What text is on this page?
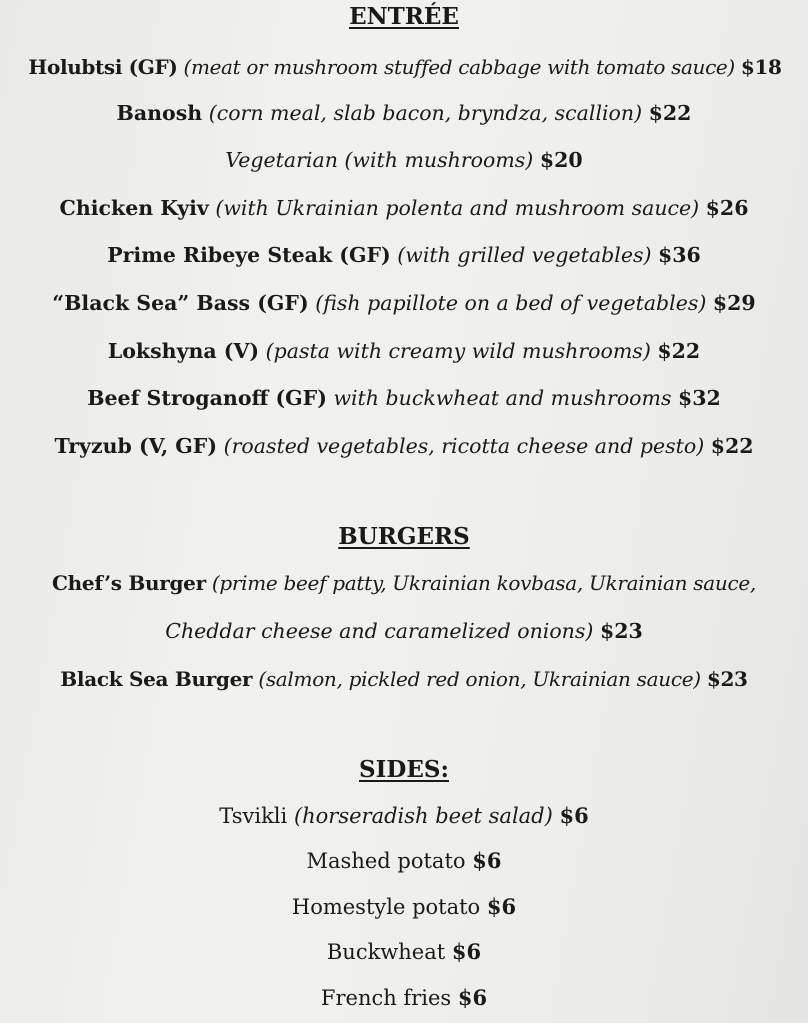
ENTRÉE
Holubtsi (GF) (meat or mushroom stuffed cabbage with tomato sauce) $18
Banosh (corn meal, slab bacon, bryndza, scallion) $22
Vegetarian (with mushrooms) $20
Chicken Kyiv (with Ukrainian polenta and mushroom sauce) $26
Prime Ribeye Steak (GF) (with grilled vegetables) $36
“Black Sea” Bass (GF) (fish papillote on a bed of vegetables) $29
Lokshyna (V) (pasta with creamy wild mushrooms) $22
Beef Stroganoff (GF) with buckwheat and mushrooms $32
Tryzub (V, GF) (roasted vegetables, ricotta cheese and pesto) $22
BURGERS
Chef’s Burger (prime beef patty, Ukrainian kovbasa, Ukrainian sauce,
Cheddar cheese and caramelized onions) $23
Black Sea Burger (salmon, pickled red onion, Ukrainian sauce) $23
SIDES:
Tsvikli (horseradish beet salad) $6
Mashed potato $6
Homestyle potato $6
Buckwheat $6
French fries $6
